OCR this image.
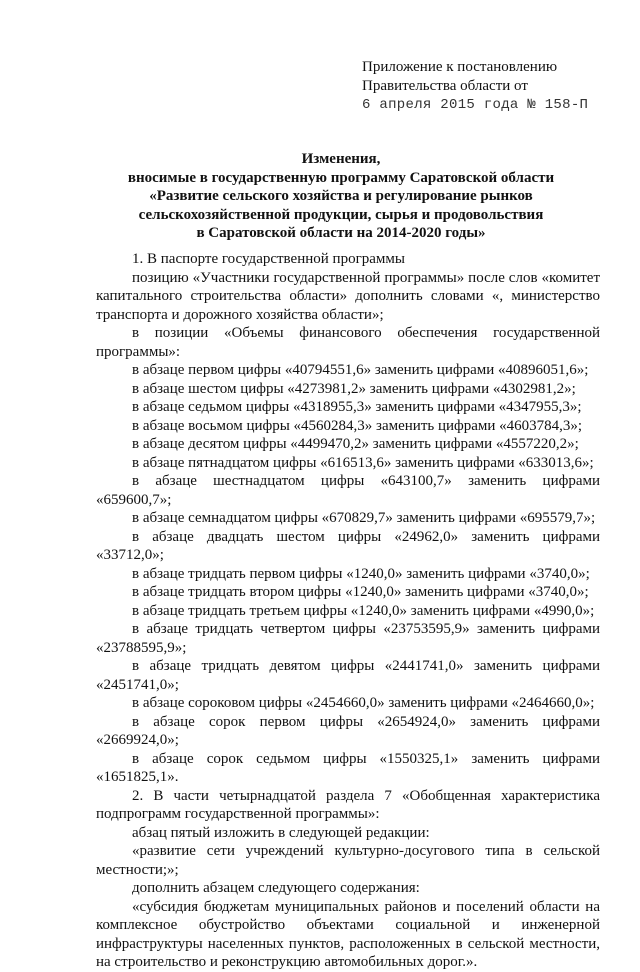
Приложение к постановлению
Правительства области от
6 апреля 2015 года № 158-П
Изменения,
вносимые в государственную программу Саратовской области
«Развитие сельского хозяйства и регулирование рынков
сельскохозяйственной продукции, сырья и продовольствия
в Саратовской области на 2014-2020 годы»

1. В паспорте государственной программы

позицию «Участники государственной программы» после слов «комитет капитального строительства области» дополнить словами «, министерство транспорта и дорожного хозяйства области»;

в позиции «Объемы финансового обеспечения государственной программы»:

в абзаце первом цифры «40794551,6» заменить цифрами «40896051,6»;

в абзаце шестом цифры «4273981,2» заменить цифрами «4302981,2»;

в абзаце седьмом цифры «4318955,3» заменить цифрами «4347955,3»;

в абзаце восьмом цифры «4560284,3» заменить цифрами «4603784,3»;

в абзаце десятом цифры «4499470,2» заменить цифрами «4557220,2»;

в абзаце пятнадцатом цифры «616513,6» заменить цифрами «633013,6»;

в абзаце шестнадцатом цифры «643100,7» заменить цифрами «659600,7»;

в абзаце семнадцатом цифры «670829,7» заменить цифрами «695579,7»;

в абзаце двадцать шестом цифры «24962,0» заменить цифрами «33712,0»;

в абзаце тридцать первом цифры «1240,0» заменить цифрами «3740,0»;

в абзаце тридцать втором цифры «1240,0» заменить цифрами «3740,0»;

в абзаце тридцать третьем цифры «1240,0» заменить цифрами «4990,0»;

в абзаце тридцать четвертом цифры «23753595,9» заменить цифрами «23788595,9»;

в абзаце тридцать девятом цифры «2441741,0» заменить цифрами «2451741,0»;

в абзаце сороковом цифры «2454660,0» заменить цифрами «2464660,0»;

в абзаце сорок первом цифры «2654924,0» заменить цифрами «2669924,0»;

в абзаце сорок седьмом цифры «1550325,1» заменить цифрами «1651825,1».

2. В части четырнадцатой раздела 7 «Обобщенная характеристика подпрограмм государственной программы»:

абзац пятый изложить в следующей редакции:

«развитие сети учреждений культурно-досугового типа в сельской местности;»;

дополнить абзацем следующего содержания:

«субсидия бюджетам муниципальных районов и поселений области на комплексное обустройство объектами социальной и инженерной инфраструктуры населенных пунктов, расположенных в сельской местности, на строительство и реконструкцию автомобильных дорог.».
